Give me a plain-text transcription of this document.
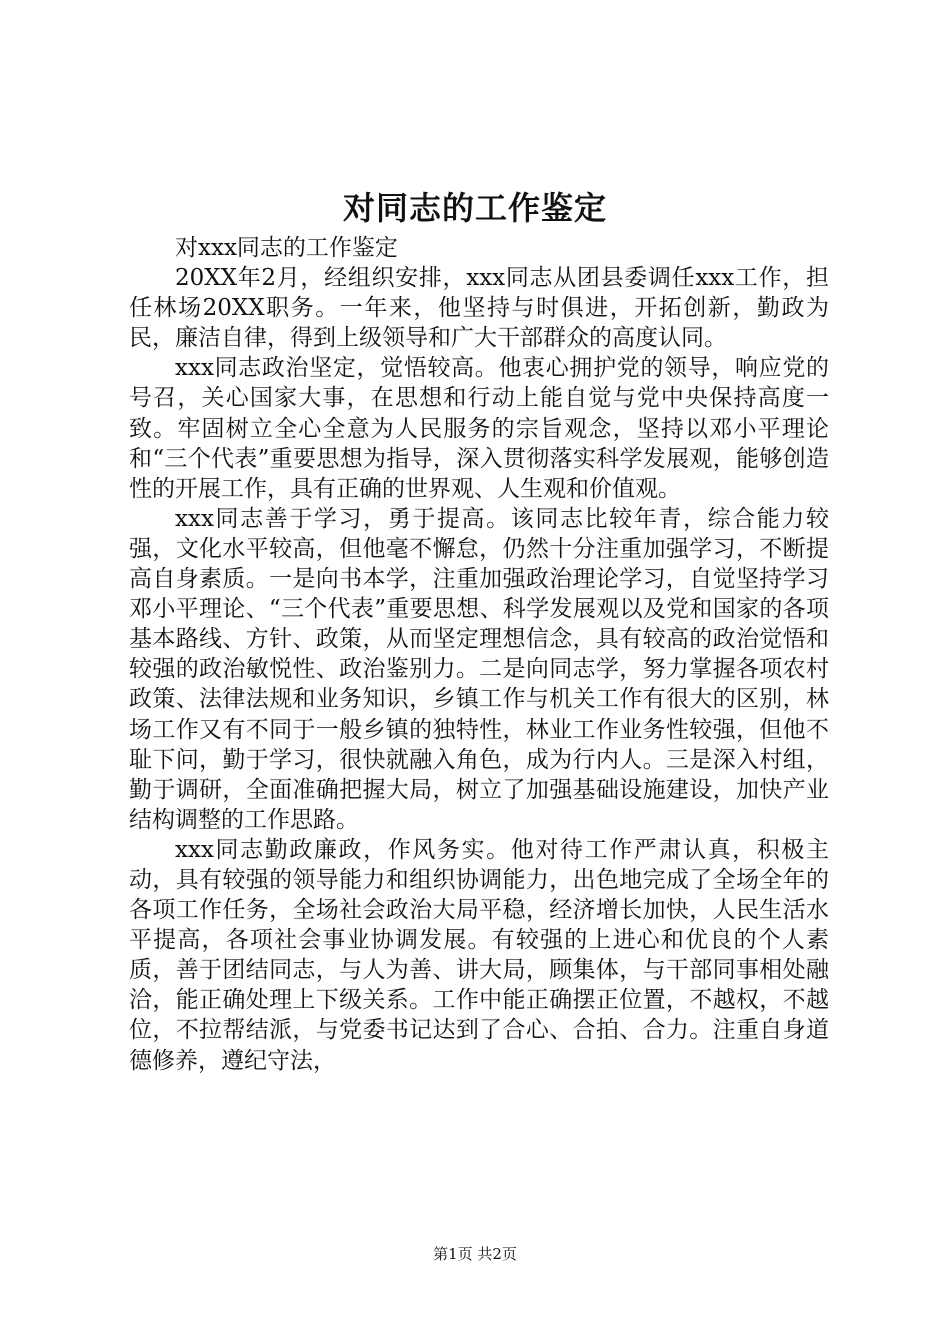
对同志的工作鉴定

对xxx同志的工作鉴定

20XX年2月，经组织安排，xxx同志从团县委调任xxx工作，担任林场20XX职务。一年来，他坚持与时俱进，开拓创新，勤政为民，廉洁自律，得到上级领导和广大干部群众的高度认同。

xxx同志政治坚定，觉悟较高。他衷心拥护党的领导，响应党的号召，关心国家大事，在思想和行动上能自觉与党中央保持高度一致。牢固树立全心全意为人民服务的宗旨观念，坚持以邓小平理论和“三个代表”重要思想为指导，深入贯彻落实科学发展观，能够创造性的开展工作，具有正确的世界观、人生观和价值观。

xxx同志善于学习，勇于提高。该同志比较年青，综合能力较强，文化水平较高，但他毫不懈怠，仍然十分注重加强学习，不断提高自身素质。一是向书本学，注重加强政治理论学习，自觉坚持学习邓小平理论、“三个代表”重要思想、科学发展观以及党和国家的各项基本路线、方针、政策，从而坚定理想信念，具有较高的政治觉悟和较强的政治敏悦性、政治鉴别力。二是向同志学，努力掌握各项农村政策、法律法规和业务知识，乡镇工作与机关工作有很大的区别，林场工作又有不同于一般乡镇的独特性，林业工作业务性较强，但他不耻下问，勤于学习，很快就融入角色，成为行内人。三是深入村组，勤于调研，全面准确把握大局，树立了加强基础设施建设，加快产业结构调整的工作思路。

xxx同志勤政廉政，作风务实。他对待工作严肃认真，积极主动，具有较强的领导能力和组织协调能力，出色地完成了全场全年的各项工作任务，全场社会政治大局平稳，经济增长加快，人民生活水平提高，各项社会事业协调发展。有较强的上进心和优良的个人素质，善于团结同志，与人为善、讲大局，顾集体，与干部同事相处融洽，能正确处理上下级关系。工作中能正确摆正位置，不越权，不越位，不拉帮结派，与党委书记达到了合心、合拍、合力。注重自身道德修养，遵纪守法，

第1页 共2页
